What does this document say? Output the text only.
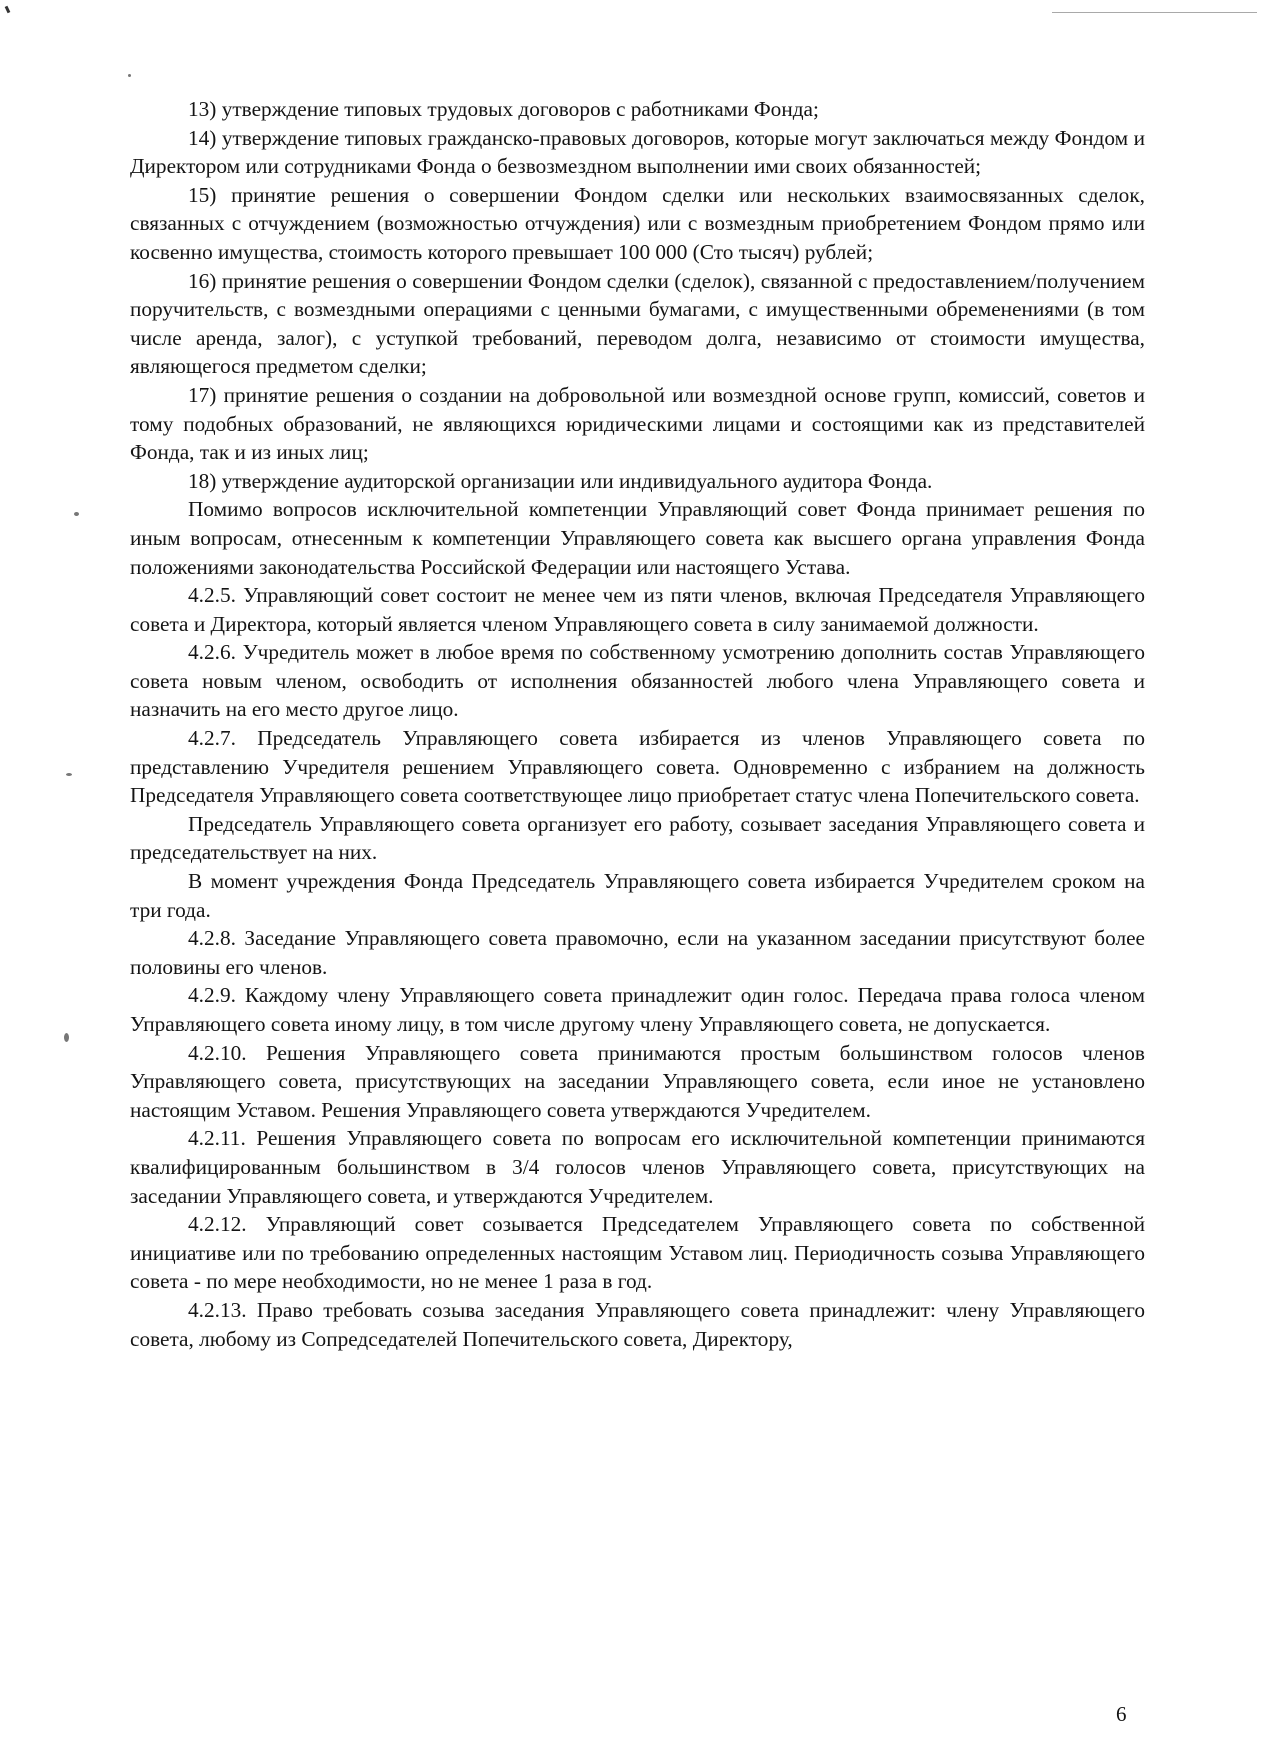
13) утверждение типовых трудовых договоров с работниками Фонда;

14) утверждение типовых гражданско-правовых договоров, которые могут заключаться между Фондом и Директором или сотрудниками Фонда о безвозмездном выполнении ими своих обязанностей;

15) принятие решения о совершении Фондом сделки или нескольких взаимосвязанных сделок, связанных с отчуждением (возможностью отчуждения) или с возмездным приобретением Фондом прямо или косвенно имущества, стоимость которого превышает 100 000 (Сто тысяч) рублей;

16) принятие решения о совершении Фондом сделки (сделок), связанной с предоставлением/получением поручительств, с возмездными операциями с ценными бумагами, с имущественными обременениями (в том числе аренда, залог), с уступкой требований, переводом долга, независимо от стоимости имущества, являющегося предметом сделки;

17) принятие решения о создании на добровольной или возмездной основе групп, комиссий, советов и тому подобных образований, не являющихся юридическими лицами и состоящими как из представителей Фонда, так и из иных лиц;

18) утверждение аудиторской организации или индивидуального аудитора Фонда.

Помимо вопросов исключительной компетенции Управляющий совет Фонда принимает решения по иным вопросам, отнесенным к компетенции Управляющего совета как высшего органа управления Фонда положениями законодательства Российской Федерации или настоящего Устава.

4.2.5. Управляющий совет состоит не менее чем из пяти членов, включая Председателя Управляющего совета и Директора, который является членом Управляющего совета в силу занимаемой должности.

4.2.6. Учредитель может в любое время по собственному усмотрению дополнить состав Управляющего совета новым членом, освободить от исполнения обязанностей любого члена Управляющего совета и назначить на его место другое лицо.

4.2.7. Председатель Управляющего совета избирается из членов Управляющего совета по представлению Учредителя решением Управляющего совета. Одновременно с избранием на должность Председателя Управляющего совета соответствующее лицо приобретает статус члена Попечительского совета.

Председатель Управляющего совета организует его работу, созывает заседания Управляющего совета и председательствует на них.

В момент учреждения Фонда Председатель Управляющего совета избирается Учредителем сроком на три года.

4.2.8. Заседание Управляющего совета правомочно, если на указанном заседании присутствуют более половины его членов.

4.2.9. Каждому члену Управляющего совета принадлежит один голос. Передача права голоса членом Управляющего совета иному лицу, в том числе другому члену Управляющего совета, не допускается.

4.2.10. Решения Управляющего совета принимаются простым большинством голосов членов Управляющего совета, присутствующих на заседании Управляющего совета, если иное не установлено настоящим Уставом. Решения Управляющего совета утверждаются Учредителем.

4.2.11. Решения Управляющего совета по вопросам его исключительной компетенции принимаются квалифицированным большинством в 3/4 голосов членов Управляющего совета, присутствующих на заседании Управляющего совета, и утверждаются Учредителем.

4.2.12. Управляющий совет созывается Председателем Управляющего совета по собственной инициативе или по требованию определенных настоящим Уставом лиц. Периодичность созыва Управляющего совета - по мере необходимости, но не менее 1 раза в год.

4.2.13. Право требовать созыва заседания Управляющего совета принадлежит: члену Управляющего совета, любому из Сопредседателей Попечительского совета, Директору,

6
